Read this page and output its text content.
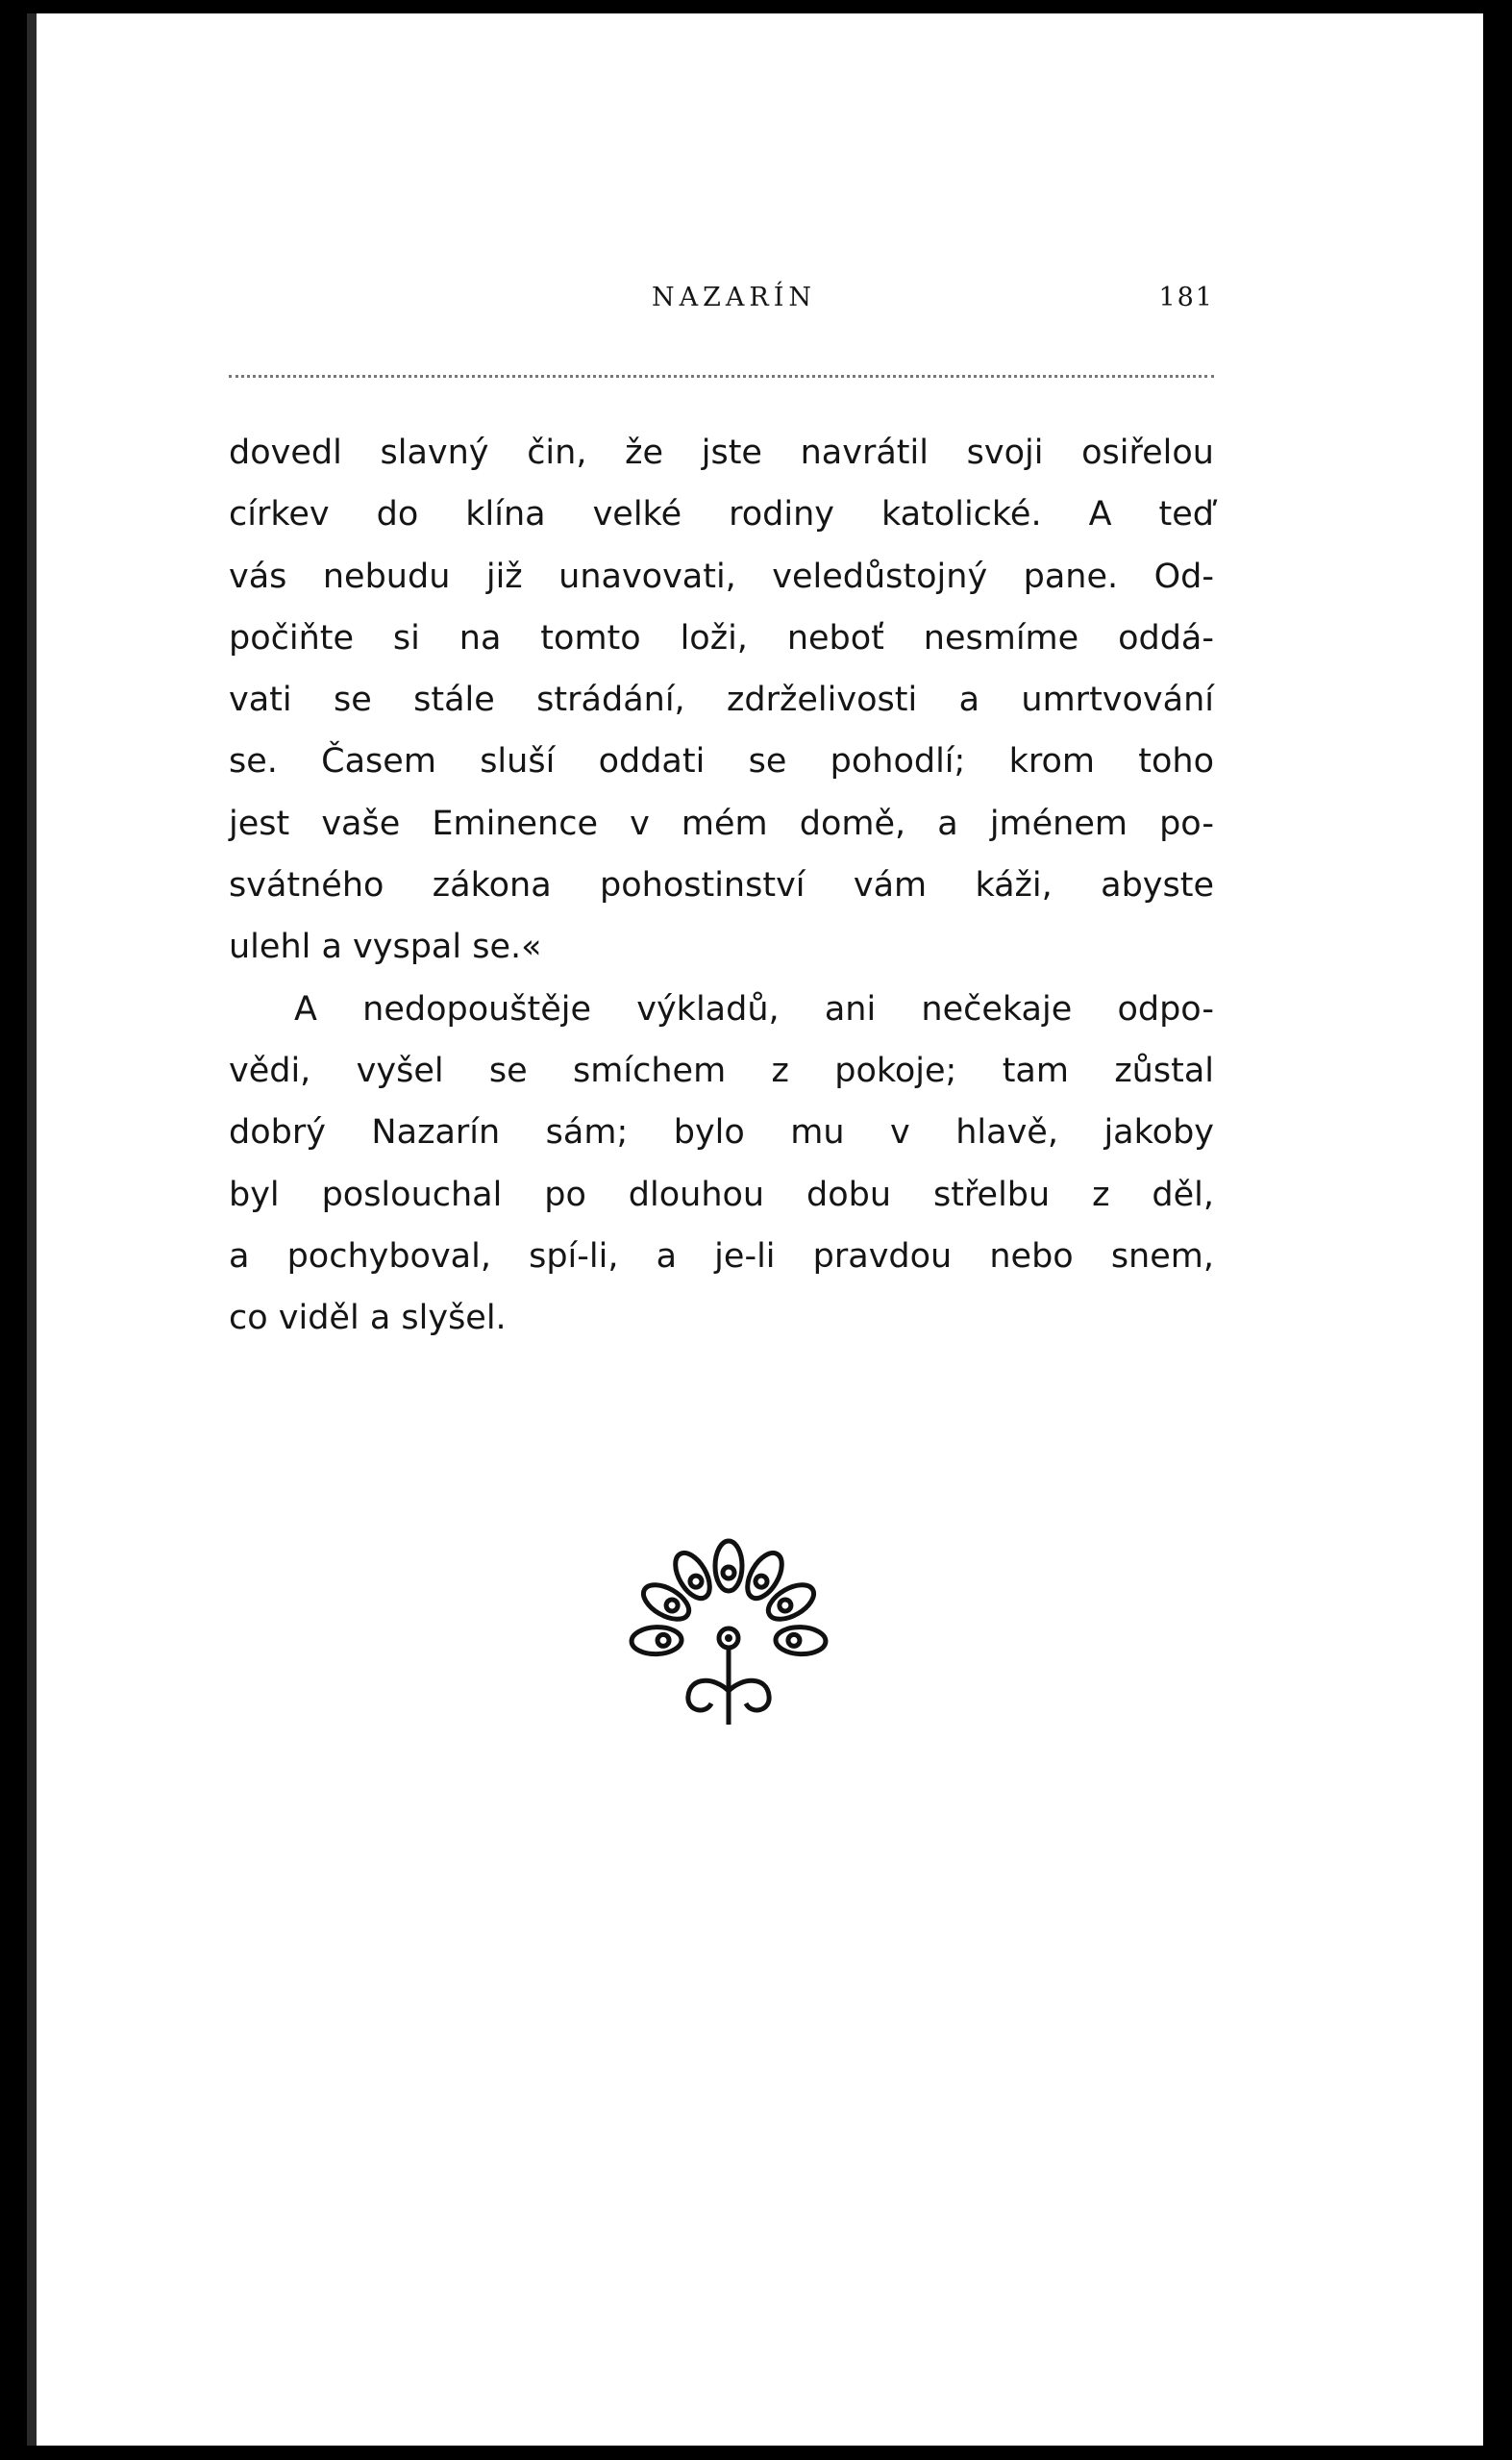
NAZARÍN	181
dovedl slavný čin, že jste navrátil svoji osiřelou
církev do klína velké rodiny katolické. A teď
vás nebudu již unavovati, veledůstojný pane. Od-
počiňte si na tomto loži, neboť nesmíme oddá-
vati se stále strádání, zdrželivosti a umrtvování
se. Časem sluší oddati se pohodlí; krom toho
jest vaše Eminence v mém domě, a jménem po-
svátného zákona pohostinství vám káži, abyste
ulehl a vyspal se.«
A nedopouštěje výkladů, ani nečekaje odpo-
vědi, vyšel se smíchem z pokoje; tam zůstal
dobrý Nazarín sám; bylo mu v hlavě, jakoby
byl poslouchal po dlouhou dobu střelbu z děl,
a pochyboval, spí-li, a je-li pravdou nebo snem,
co viděl a slyšel.
